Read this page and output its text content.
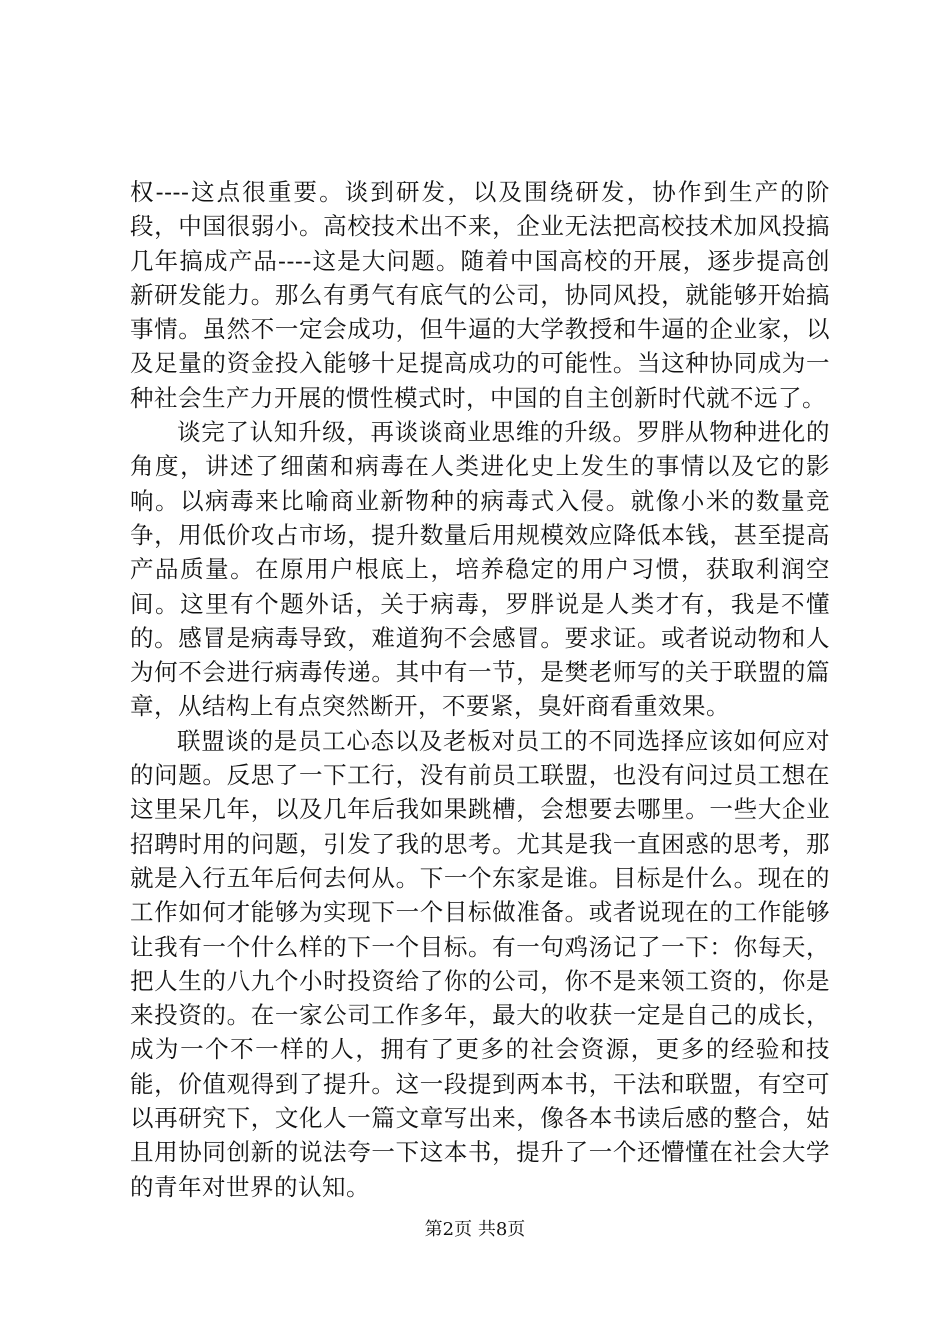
权----这点很重要。谈到研发，以及围绕研发，协作到生产的阶段，中国很弱小。高校技术出不来，企业无法把高校技术加风投搞几年搞成产品----这是大问题。随着中国高校的开展，逐步提高创新研发能力。那么有勇气有底气的公司，协同风投，就能够开始搞事情。虽然不一定会成功，但牛逼的大学教授和牛逼的企业家，以及足量的资金投入能够十足提高成功的可能性。当这种协同成为一种社会生产力开展的惯性模式时，中国的自主创新时代就不远了。

谈完了认知升级，再谈谈商业思维的升级。罗胖从物种进化的角度，讲述了细菌和病毒在人类进化史上发生的事情以及它的影响。以病毒来比喻商业新物种的病毒式入侵。就像小米的数量竞争，用低价攻占市场，提升数量后用规模效应降低本钱，甚至提高产品质量。在原用户根底上，培养稳定的用户习惯，获取利润空间。这里有个题外话，关于病毒，罗胖说是人类才有，我是不懂的。感冒是病毒导致，难道狗不会感冒。要求证。或者说动物和人为何不会进行病毒传递。其中有一节，是樊老师写的关于联盟的篇章，从结构上有点突然断开，不要紧，臭奸商看重效果。

联盟谈的是员工心态以及老板对员工的不同选择应该如何应对的问题。反思了一下工行，没有前员工联盟，也没有问过员工想在这里呆几年，以及几年后我如果跳槽，会想要去哪里。一些大企业招聘时用的问题，引发了我的思考。尤其是我一直困惑的思考，那就是入行五年后何去何从。下一个东家是谁。目标是什么。现在的工作如何才能够为实现下一个目标做准备。或者说现在的工作能够让我有一个什么样的下一个目标。有一句鸡汤记了一下：你每天，把人生的八九个小时投资给了你的公司，你不是来领工资的，你是来投资的。在一家公司工作多年，最大的收获一定是自己的成长，成为一个不一样的人，拥有了更多的社会资源，更多的经验和技能，价值观得到了提升。这一段提到两本书，干法和联盟，有空可以再研究下，文化人一篇文章写出来，像各本书读后感的整合，姑且用协同创新的说法夸一下这本书，提升了一个还懵懂在社会大学的青年对世界的认知。

第2页 共8页
